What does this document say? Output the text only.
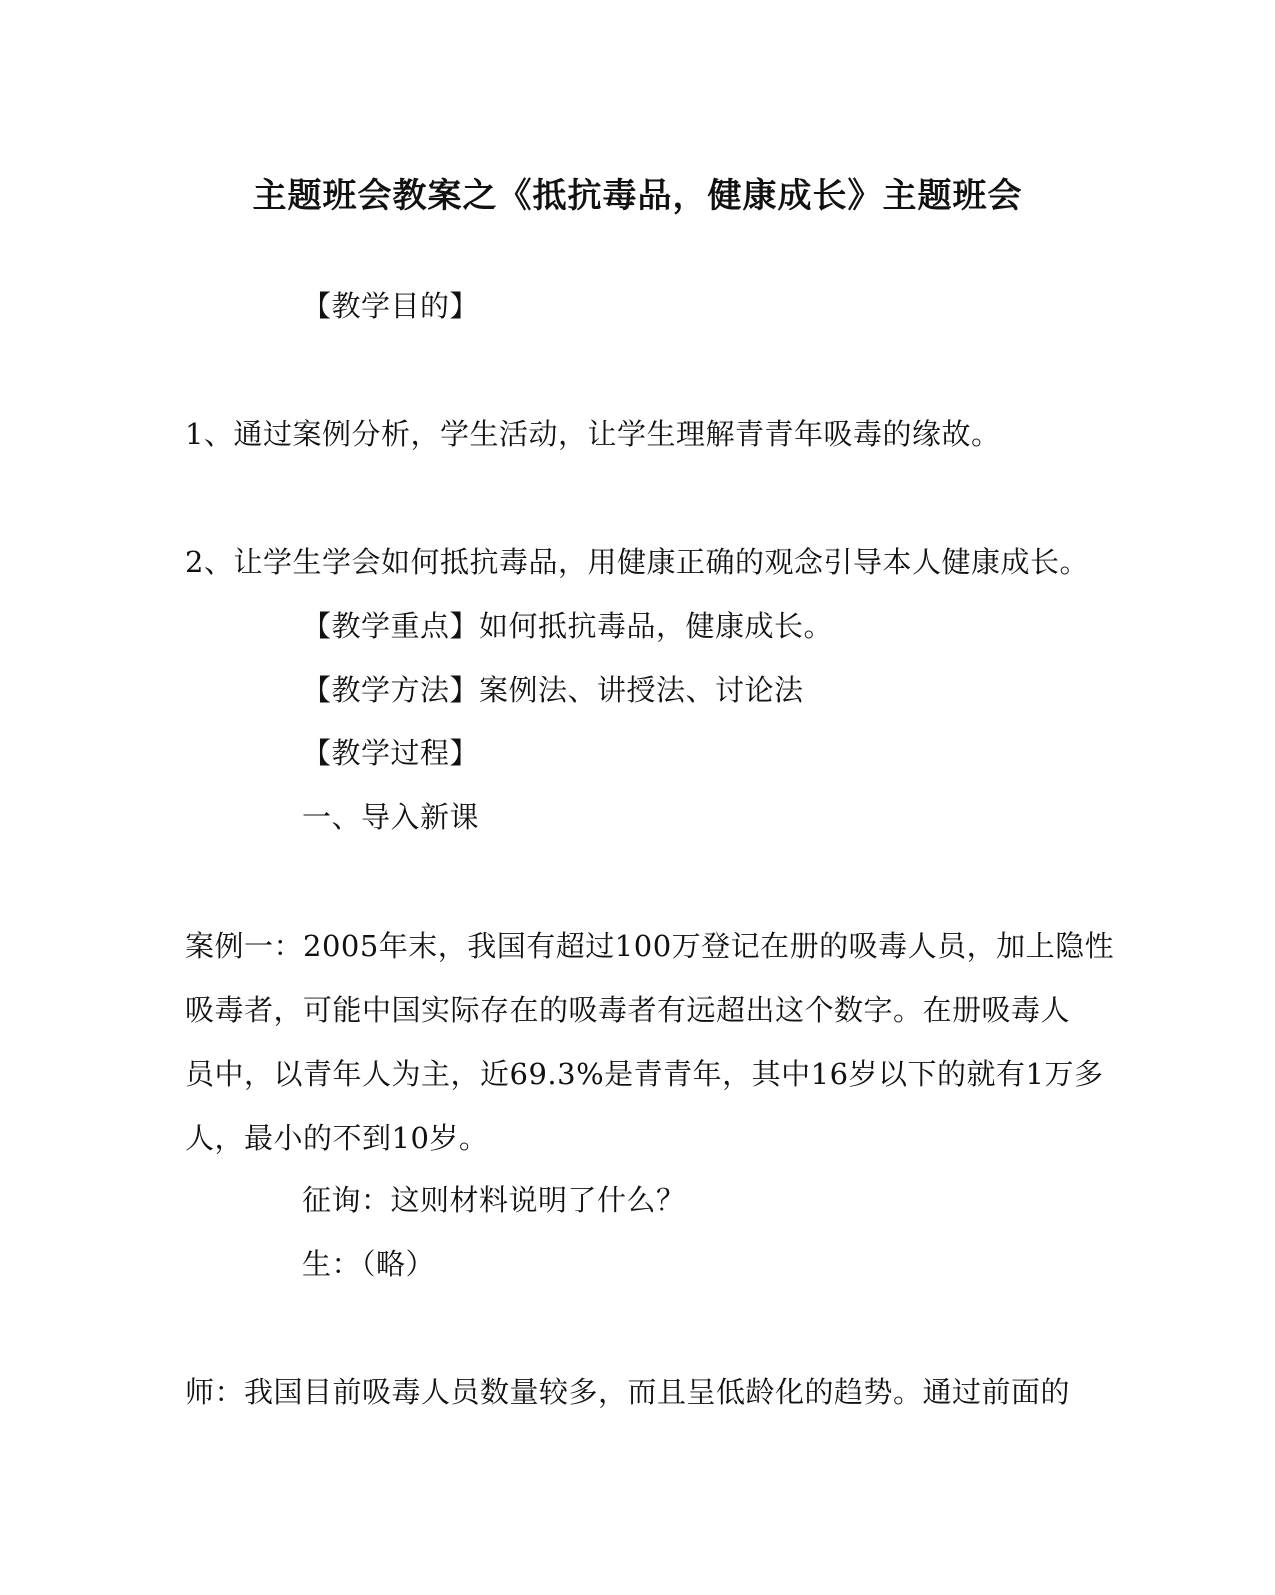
主题班会教案之《抵抗毒品，健康成长》主题班会
【教学目的】
1、通过案例分析，学生活动，让学生理解青青年吸毒的缘故。
2、让学生学会如何抵抗毒品，用健康正确的观念引导本人健康成长。
【教学重点】如何抵抗毒品，健康成长。
【教学方法】案例法、讲授法、讨论法
【教学过程】
一、导入新课
案例一：2005年末，我国有超过100万登记在册的吸毒人员，加上隐性
吸毒者，可能中国实际存在的吸毒者有远超出这个数字。在册吸毒人
员中，以青年人为主，近69.3%是青青年，其中16岁以下的就有1万多
人，最小的不到10岁。
征询：这则材料说明了什么？
生：（略）
师：我国目前吸毒人员数量较多，而且呈低龄化的趋势。通过前面的
